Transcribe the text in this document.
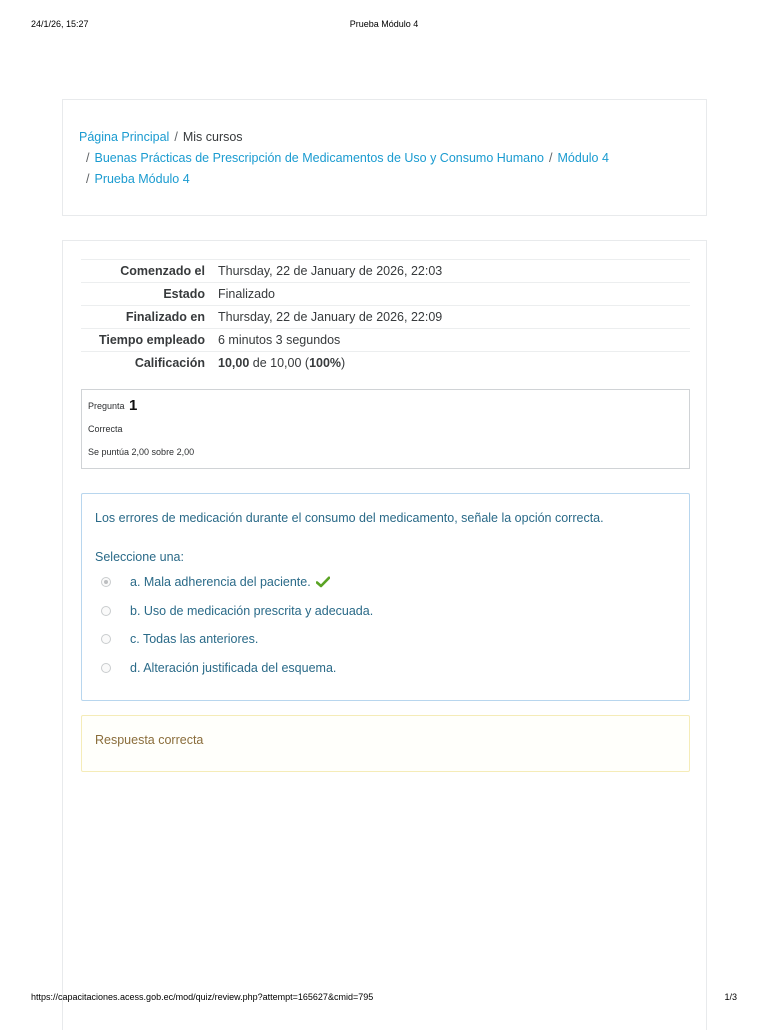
24/1/26, 15:27	Prueba Módulo 4
Página Principal / Mis cursos
/ Buenas Prácticas de Prescripción de Medicamentos de Uso y Consumo Humano / Módulo 4
/ Prueba Módulo 4
Comenzado el	Thursday, 22 de January de 2026, 22:03
Estado	Finalizado
Finalizado en	Thursday, 22 de January de 2026, 22:09
Tiempo empleado	6 minutos 3 segundos
Calificación	10,00 de 10,00 (100%)
Pregunta 1
Correcta
Se puntúa 2,00 sobre 2,00
Los errores de medicación durante el consumo del medicamento, señale la opción correcta.
Seleccione una:
a. Mala adherencia del paciente.
b. Uso de medicación prescrita y adecuada.
c. Todas las anteriores.
d. Alteración justificada del esquema.
Respuesta correcta
https://capacitaciones.acess.gob.ec/mod/quiz/review.php?attempt=165627&cmid=795	1/3
